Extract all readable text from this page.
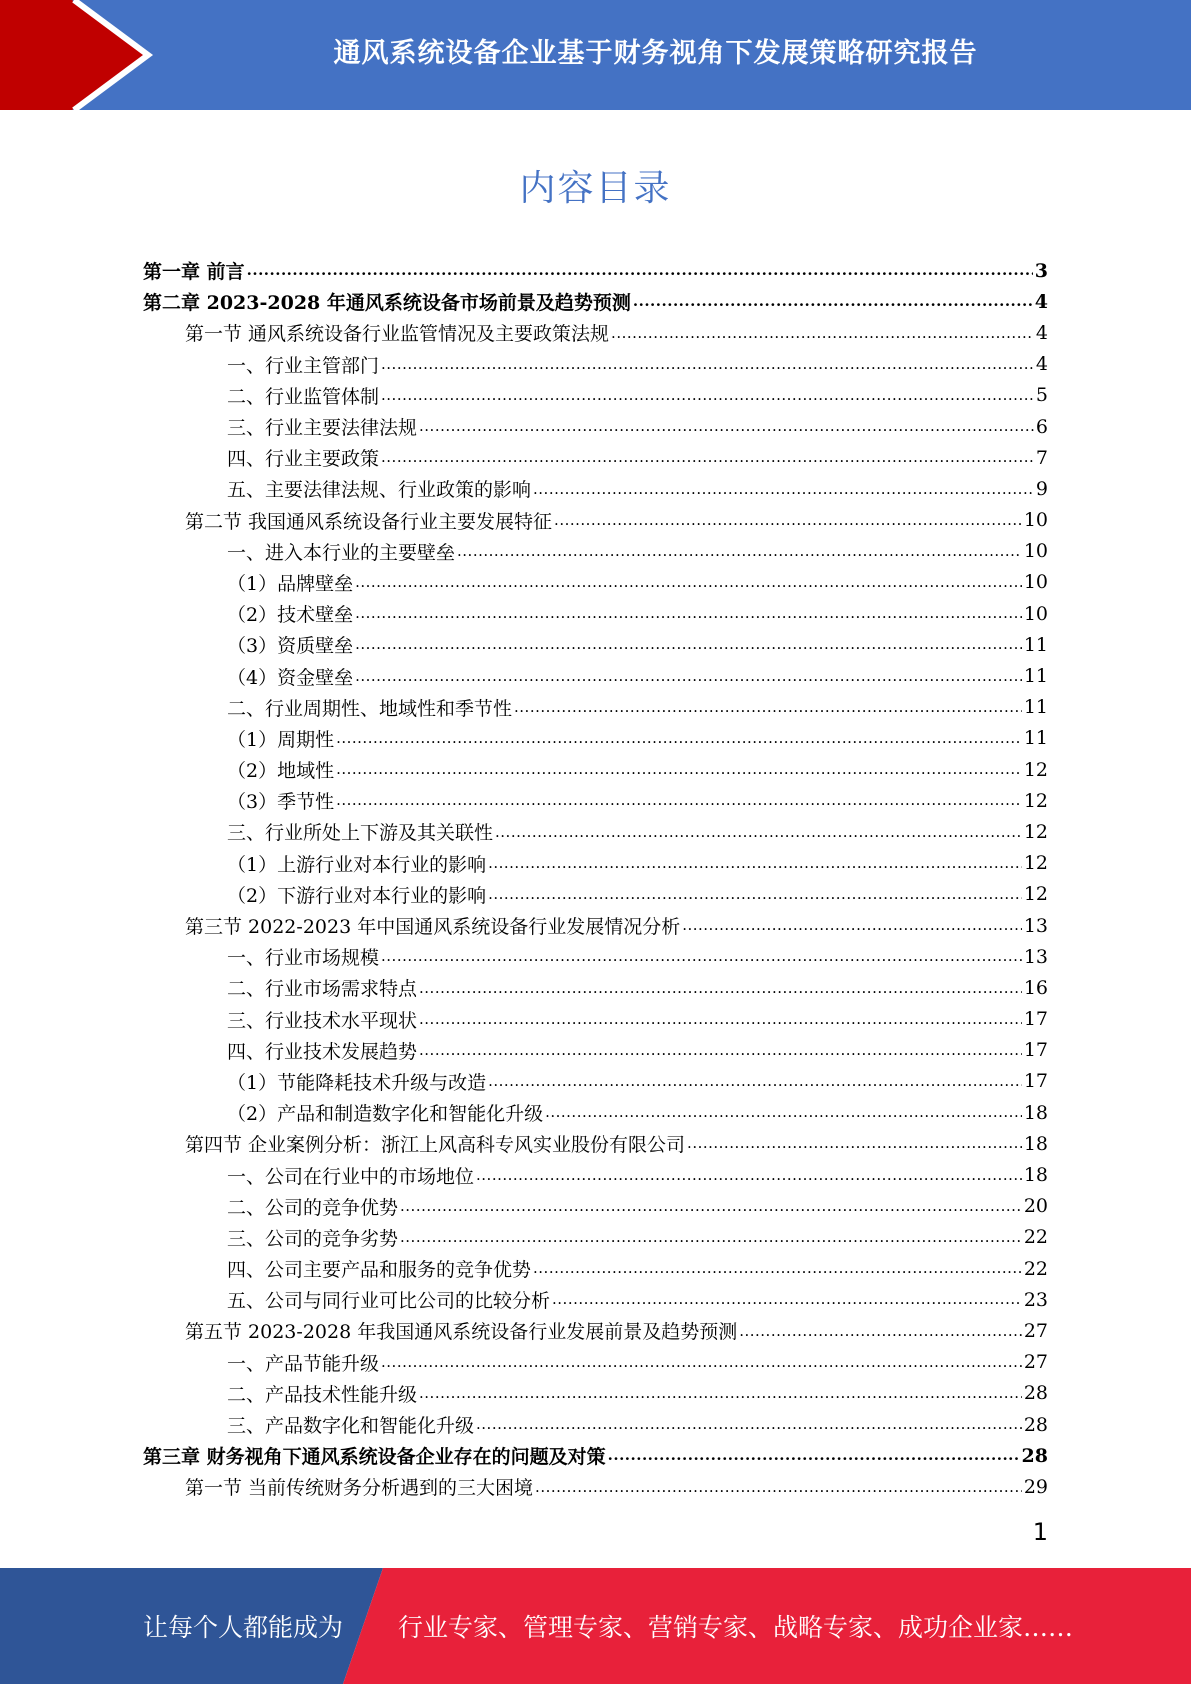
通风系统设备企业基于财务视角下发展策略研究报告
内容目录
第一章 前言 .....	3
第二章 2023-2028 年通风系统设备市场前景及趋势预测 .....	4
第一节 通风系统设备行业监管情况及主要政策法规 .....	4
一、行业主管部门 .....	4
二、行业监管体制 .....	5
三、行业主要法律法规 .....	6
四、行业主要政策 .....	7
五、主要法律法规、行业政策的影响 .....	9
第二节 我国通风系统设备行业主要发展特征 .....	10
一、进入本行业的主要壁垒 .....	10
（1）品牌壁垒 .....	10
（2）技术壁垒 .....	10
（3）资质壁垒 .....	11
（4）资金壁垒 .....	11
二、行业周期性、地域性和季节性 .....	11
（1）周期性 .....	11
（2）地域性 .....	12
（3）季节性 .....	12
三、行业所处上下游及其关联性 .....	12
（1）上游行业对本行业的影响 .....	12
（2）下游行业对本行业的影响 .....	12
第三节 2022-2023 年中国通风系统设备行业发展情况分析 .....	13
一、行业市场规模 .....	13
二、行业市场需求特点 .....	16
三、行业技术水平现状 .....	17
四、行业技术发展趋势 .....	17
（1）节能降耗技术升级与改造 .....	17
（2）产品和制造数字化和智能化升级 .....	18
第四节 企业案例分析：浙江上风高科专风实业股份有限公司 .....	18
一、公司在行业中的市场地位 .....	18
二、公司的竞争优势 .....	20
三、公司的竞争劣势 .....	22
四、公司主要产品和服务的竞争优势 .....	22
五、公司与同行业可比公司的比较分析 .....	23
第五节 2023-2028 年我国通风系统设备行业发展前景及趋势预测 .....	27
一、产品节能升级 .....	27
二、产品技术性能升级 .....	28
三、产品数字化和智能化升级 .....	28
第三章 财务视角下通风系统设备企业存在的问题及对策 .....	28
第一节 当前传统财务分析遇到的三大困境 .....	29
1
让每个人都能成为 行业专家、管理专家、营销专家、战略专家、成功企业家……
